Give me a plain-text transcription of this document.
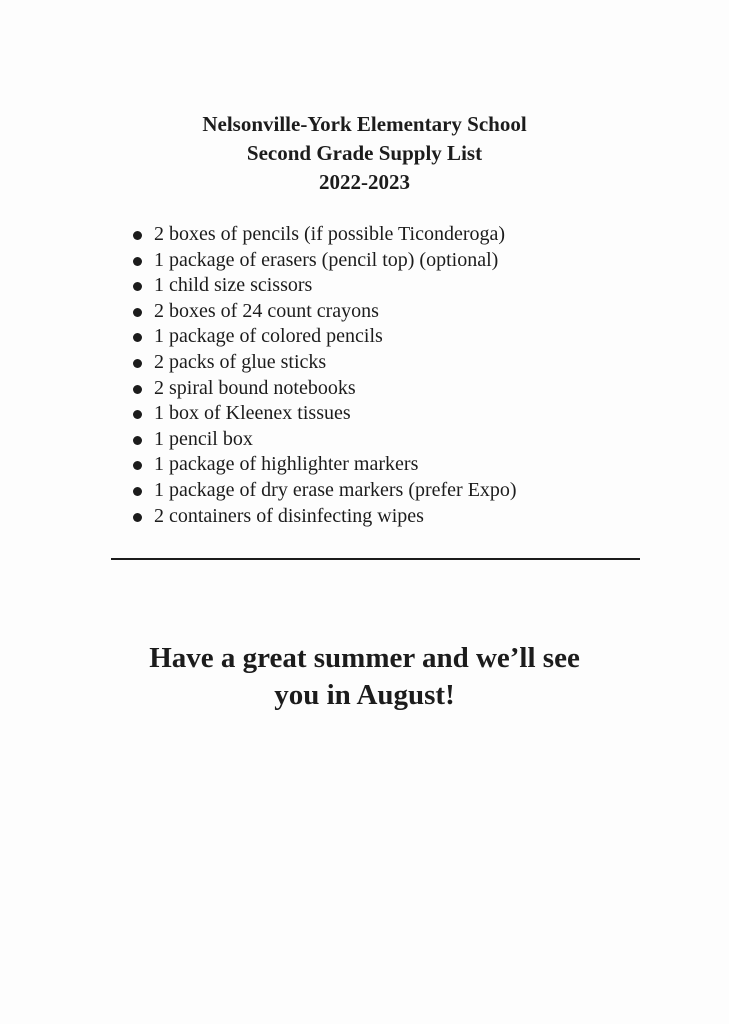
Nelsonville-York Elementary School
Second Grade Supply List
2022-2023
2 boxes of pencils (if possible Ticonderoga)
1 package of erasers (pencil top) (optional)
1 child size scissors
2 boxes of 24 count crayons
1 package of colored pencils
2 packs of glue sticks
2 spiral bound notebooks
1 box of Kleenex tissues
1 pencil box
1 package of highlighter markers
1 package of dry erase markers (prefer Expo)
2 containers of disinfecting wipes
Have a great summer and we’ll see
you in August!
